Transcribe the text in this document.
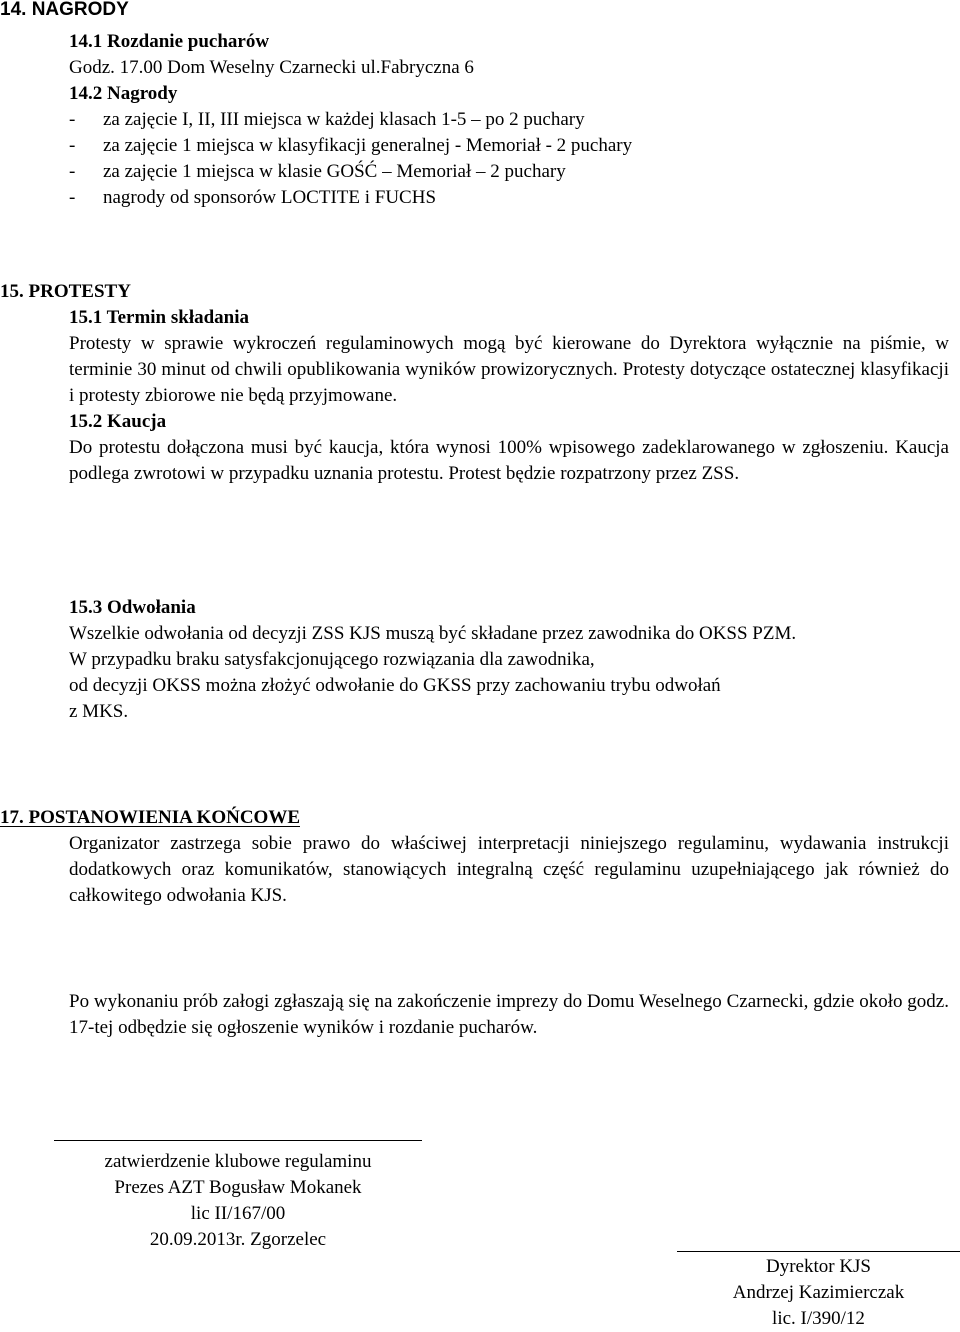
14. NAGRODY
14.1 Rozdanie pucharów
Godz. 17.00 Dom Weselny Czarnecki ul.Fabryczna 6
14.2 Nagrody
- za zajęcie I, II, III miejsca w każdej klasach 1-5 – po 2 puchary
- za zajęcie 1 miejsca w klasyfikacji generalnej - Memoriał - 2 puchary
- za zajęcie 1 miejsca w klasie GOŚĆ – Memoriał – 2 puchary
- nagrody od sponsorów LOCTITE i FUCHS
15. PROTESTY
15.1 Termin składania

Protesty w sprawie wykroczeń regulaminowych mogą być kierowane do Dyrektora wyłącznie na piśmie, w terminie 30 minut od chwili opublikowania wyników prowizorycznych. Protesty dotyczące ostatecznej klasyfikacji i protesty zbiorowe nie będą przyjmowane.

15.2 Kaucja

Do protestu dołączona musi być kaucja, która wynosi 100% wpisowego zadeklarowanego w zgłoszeniu. Kaucja podlega zwrotowi w przypadku uznania protestu. Protest będzie rozpatrzony przez ZSS.

15.3 Odwołania
Wszelkie odwołania od decyzji ZSS KJS muszą być składane przez zawodnika do OKSS PZM.
W przypadku braku satysfakcjonującego rozwiązania dla zawodnika,
od decyzji OKSS można złożyć odwołanie do GKSS przy zachowaniu trybu odwołań
z MKS.
17. POSTANOWIENIA KOŃCOWE

Organizator zastrzega sobie prawo do właściwej interpretacji niniejszego regulaminu, wydawania instrukcji dodatkowych oraz komunikatów, stanowiących integralną część regulaminu uzupełniającego jak również do całkowitego odwołania KJS.

Po wykonaniu prób załogi zgłaszają się na zakończenie imprezy do Domu Weselnego Czarnecki, gdzie około godz. 17-tej odbędzie się ogłoszenie wyników i rozdanie pucharów.

zatwierdzenie klubowe regulaminu
Prezes AZT Bogusław Mokanek
lic II/167/00
20.09.2013r. Zgorzelec
Dyrektor KJS
Andrzej Kazimierczak
lic. I/390/12
